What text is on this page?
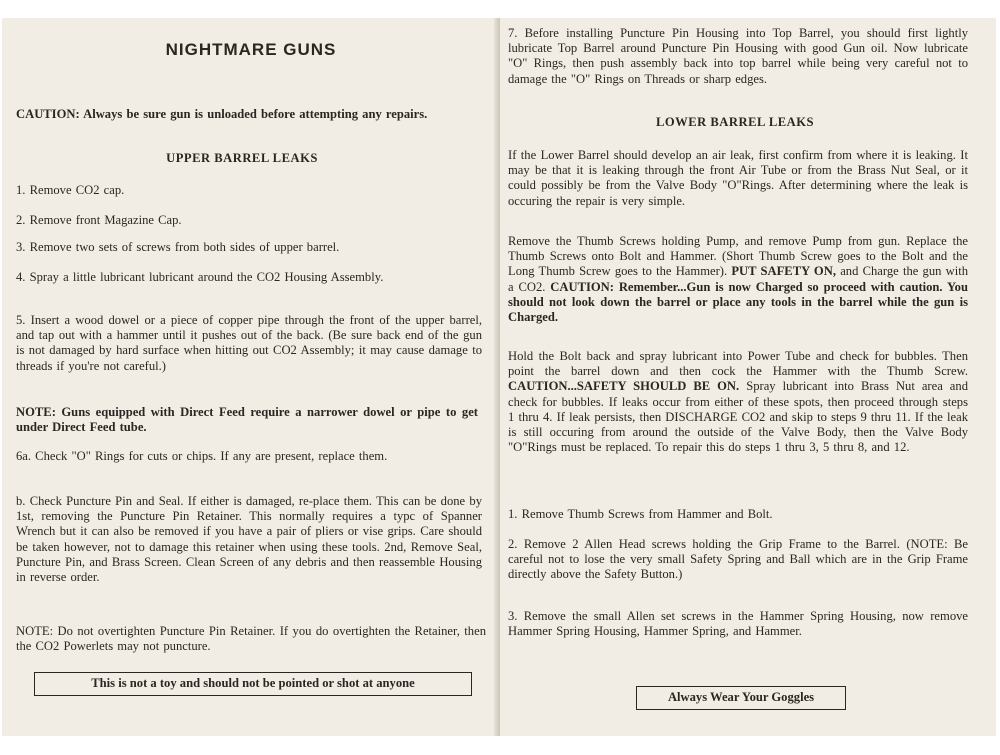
NIGHTMARE GUNS
CAUTION: Always be sure gun is unloaded before attempting any repairs.
UPPER BARREL LEAKS
1. Remove CO2 cap.
2. Remove front Magazine Cap.
3. Remove two sets of screws from both sides of upper barrel.
4. Spray a little lubricant lubricant around the CO2 Housing Assembly.
5. Insert a wood dowel or a piece of copper pipe through the front of the upper barrel, and tap out with a hammer until it pushes out of the back. (Be sure back end of the gun is not damaged by hard surface when hitting out CO2 Assembly; it may cause damage to threads if you're not careful.)
NOTE: Guns equipped with Direct Feed require a narrower dowel or pipe to get under Direct Feed tube.
6a. Check "O" Rings for cuts or chips. If any are present, replace them.
b. Check Puncture Pin and Seal. If either is damaged, re-place them. This can be done by 1st, removing the Puncture Pin Retainer. This normally requires a typc of Spanner Wrench but it can also be removed if you have a pair of pliers or vise grips. Care should be taken however, not to damage this retainer when using these tools. 2nd, Remove Seal, Puncture Pin, and Brass Screen. Clean Screen of any debris and then reassemble Housing in reverse order.
NOTE: Do not overtighten Puncture Pin Retainer. If you do overtighten the Retainer, then the CO2 Powerlets may not puncture.
This is not a toy and should not be pointed or shot at anyone
7. Before installing Puncture Pin Housing into Top Barrel, you should first lightly lubricate Top Barrel around Puncture Pin Housing with good Gun oil. Now lubricate "O" Rings, then push assembly back into top barrel while being very careful not to damage the "O" Rings on Threads or sharp edges.
LOWER BARREL LEAKS
If the Lower Barrel should develop an air leak, first confirm from where it is leaking. It may be that it is leaking through the front Air Tube or from the Brass Nut Seal, or it could possibly be from the Valve Body "O"Rings. After determining where the leak is occuring the repair is very simple.
Remove the Thumb Screws holding Pump, and remove Pump from gun. Replace the Thumb Screws onto Bolt and Hammer. (Short Thumb Screw goes to the Bolt and the Long Thumb Screw goes to the Hammer). PUT SAFETY ON, and Charge the gun with a CO2. CAUTION: Remember...Gun is now Charged so proceed with caution. You should not look down the barrel or place any tools in the barrel while the gun is Charged.
Hold the Bolt back and spray lubricant into Power Tube and check for bubbles. Then point the barrel down and then cock the Hammer with the Thumb Screw. CAUTION...SAFETY SHOULD BE ON. Spray lubricant into Brass Nut area and check for bubbles. If leaks occur from either of these spots, then proceed through steps 1 thru 4. If leak persists, then DISCHARGE CO2 and skip to steps 9 thru 11. If the leak is still occuring from around the outside of the Valve Body, then the Valve Body "O"Rings must be replaced. To repair this do steps 1 thru 3, 5 thru 8, and 12.
1. Remove Thumb Screws from Hammer and Bolt.
2. Remove 2 Allen Head screws holding the Grip Frame to the Barrel. (NOTE: Be careful not to lose the very small Safety Spring and Ball which are in the Grip Frame directly above the Safety Button.)
3. Remove the small Allen set screws in the Hammer Spring Housing, now remove Hammer Spring Housing, Hammer Spring, and Hammer.
Always Wear Your Goggles
